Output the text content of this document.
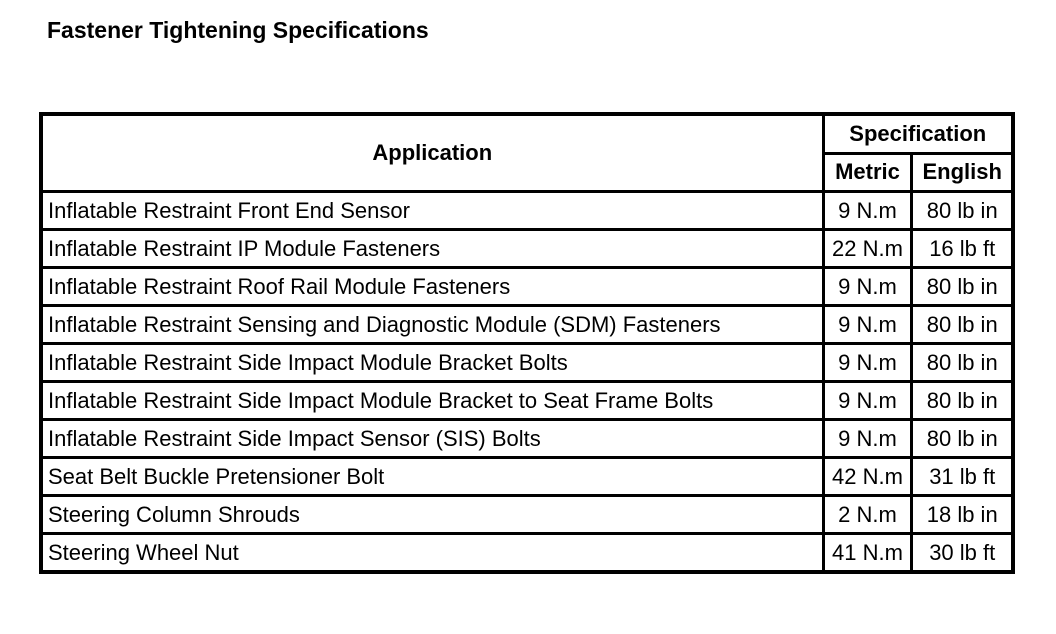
Fastener Tightening Specifications
Application	Specification	
	Metric	English
Inflatable Restraint Front End Sensor	9 N.m	80 lb in
Inflatable Restraint IP Module Fasteners	22 N.m	16 lb ft
Inflatable Restraint Roof Rail Module Fasteners	9 N.m	80 lb in
Inflatable Restraint Sensing and Diagnostic Module (SDM) Fasteners	9 N.m	80 lb in
Inflatable Restraint Side Impact Module Bracket Bolts	9 N.m	80 lb in
Inflatable Restraint Side Impact Module Bracket to Seat Frame Bolts	9 N.m	80 lb in
Inflatable Restraint Side Impact Sensor (SIS) Bolts	9 N.m	80 lb in
Seat Belt Buckle Pretensioner Bolt	42 N.m	31 lb ft
Steering Column Shrouds	2 N.m	18 lb in
Steering Wheel Nut	41 N.m	30 lb ft
